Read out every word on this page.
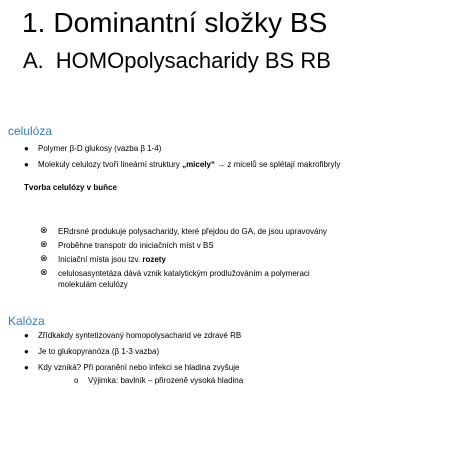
1. Dominantní složky BS
A. HOMOpolysacharidy BS RB
celulóza
● Polymer β-D glukosy (vazba β 1-4)
● Molekuly celulozy tvoří lineární struktury „micely“ → z micelů se splétají makrofibryly
Tvorba celulózy v buňce
⊗ ERdrsné produkuje polysacharidy, které přejdou do GA, de jsou upravovány
⊗ Proběhne transpotr do iniciačních míst v BS
⊗ Iniciační místa jsou tzv. rozety
⊗ celulosasyntetáza dává vznik katalytickým prodlužováním a polymeraci
molekulám celulózy
Kalóza
● Zřídkakdy syntetizovaný homopolysacharid ve zdravé RB
● Je to glukopyranóza (β 1-3 vazba)
● Kdy vzniká? Při poranění nebo infekci se hladina zvyšuje
o Výjimka: bavlník – přirozeně vysoká hladina
